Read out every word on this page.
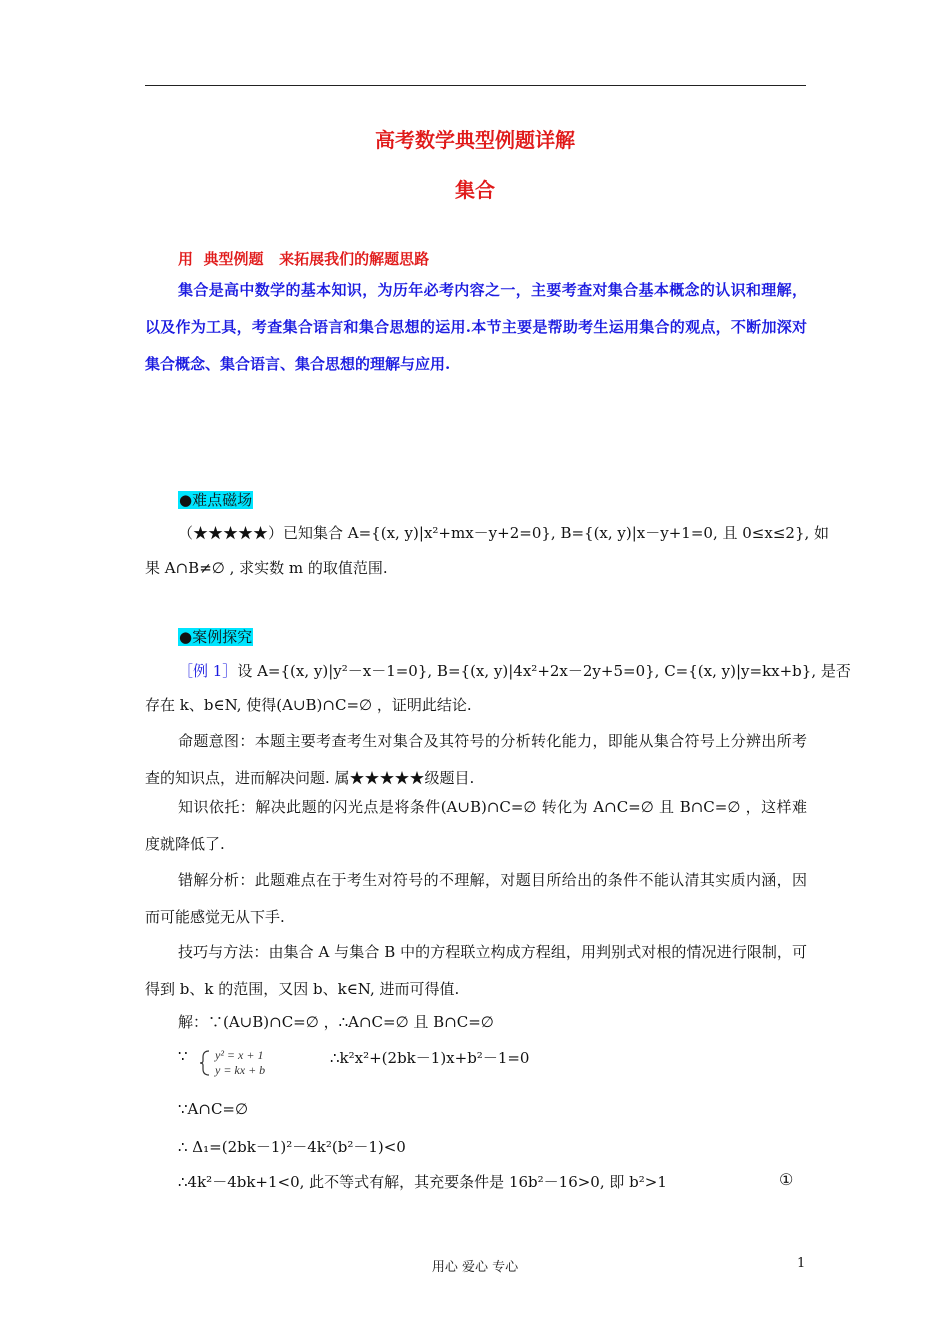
高考数学典型例题详解
集合
用  典型例题   来拓展我们的解题思路
集合是高中数学的基本知识，为历年必考内容之一，主要考查对集合基本概念的认识和理解，以及作为工具，考查集合语言和集合思想的运用.本节主要是帮助考生运用集合的观点，不断加深对集合概念、集合语言、集合思想的理解与应用.
●难点磁场
（★★★★★）已知集合 A={(x, y)|x²+mx－y+2=0}, B={(x, y)|x－y+1=0, 且 0≤x≤2}, 如
果 A∩B≠∅ , 求实数 m 的取值范围.
●案例探究
［例 1］设 A={(x, y)|y²－x－1=0}, B={(x, y)|4x²+2x－2y+5=0}, C={(x, y)|y=kx+b}, 是否
存在 k、b∈N, 使得(A∪B)∩C=∅ ，证明此结论.
命题意图：本题主要考查考生对集合及其符号的分析转化能力，即能从集合符号上分辨出所考查的知识点，进而解决问题. 属★★★★★级题目.
知识依托：解决此题的闪光点是将条件(A∪B)∩C=∅ 转化为 A∩C=∅ 且 B∩C=∅ ，这样难度就降低了.
错解分析：此题难点在于考生对符号的不理解，对题目所给出的条件不能认清其实质内涵，因而可能感觉无从下手.
技巧与方法：由集合 A 与集合 B 中的方程联立构成方程组，用判别式对根的情况进行限制，可得到 b、k 的范围，又因 b、k∈N, 进而可得值.
解：∵(A∪B)∩C=∅ ，∴A∩C=∅ 且 B∩C=∅
∵ y² = x + 1
y = kx + b
∴k²x²+(2bk－1)x+b²－1=0
∵A∩C=∅
∴ Δ₁=(2bk－1)²－4k²(b²－1)<0
∴4k²－4bk+1<0, 此不等式有解，其充要条件是 16b²－16>0, 即 b²>1	①
用心 爱心 专心	1
